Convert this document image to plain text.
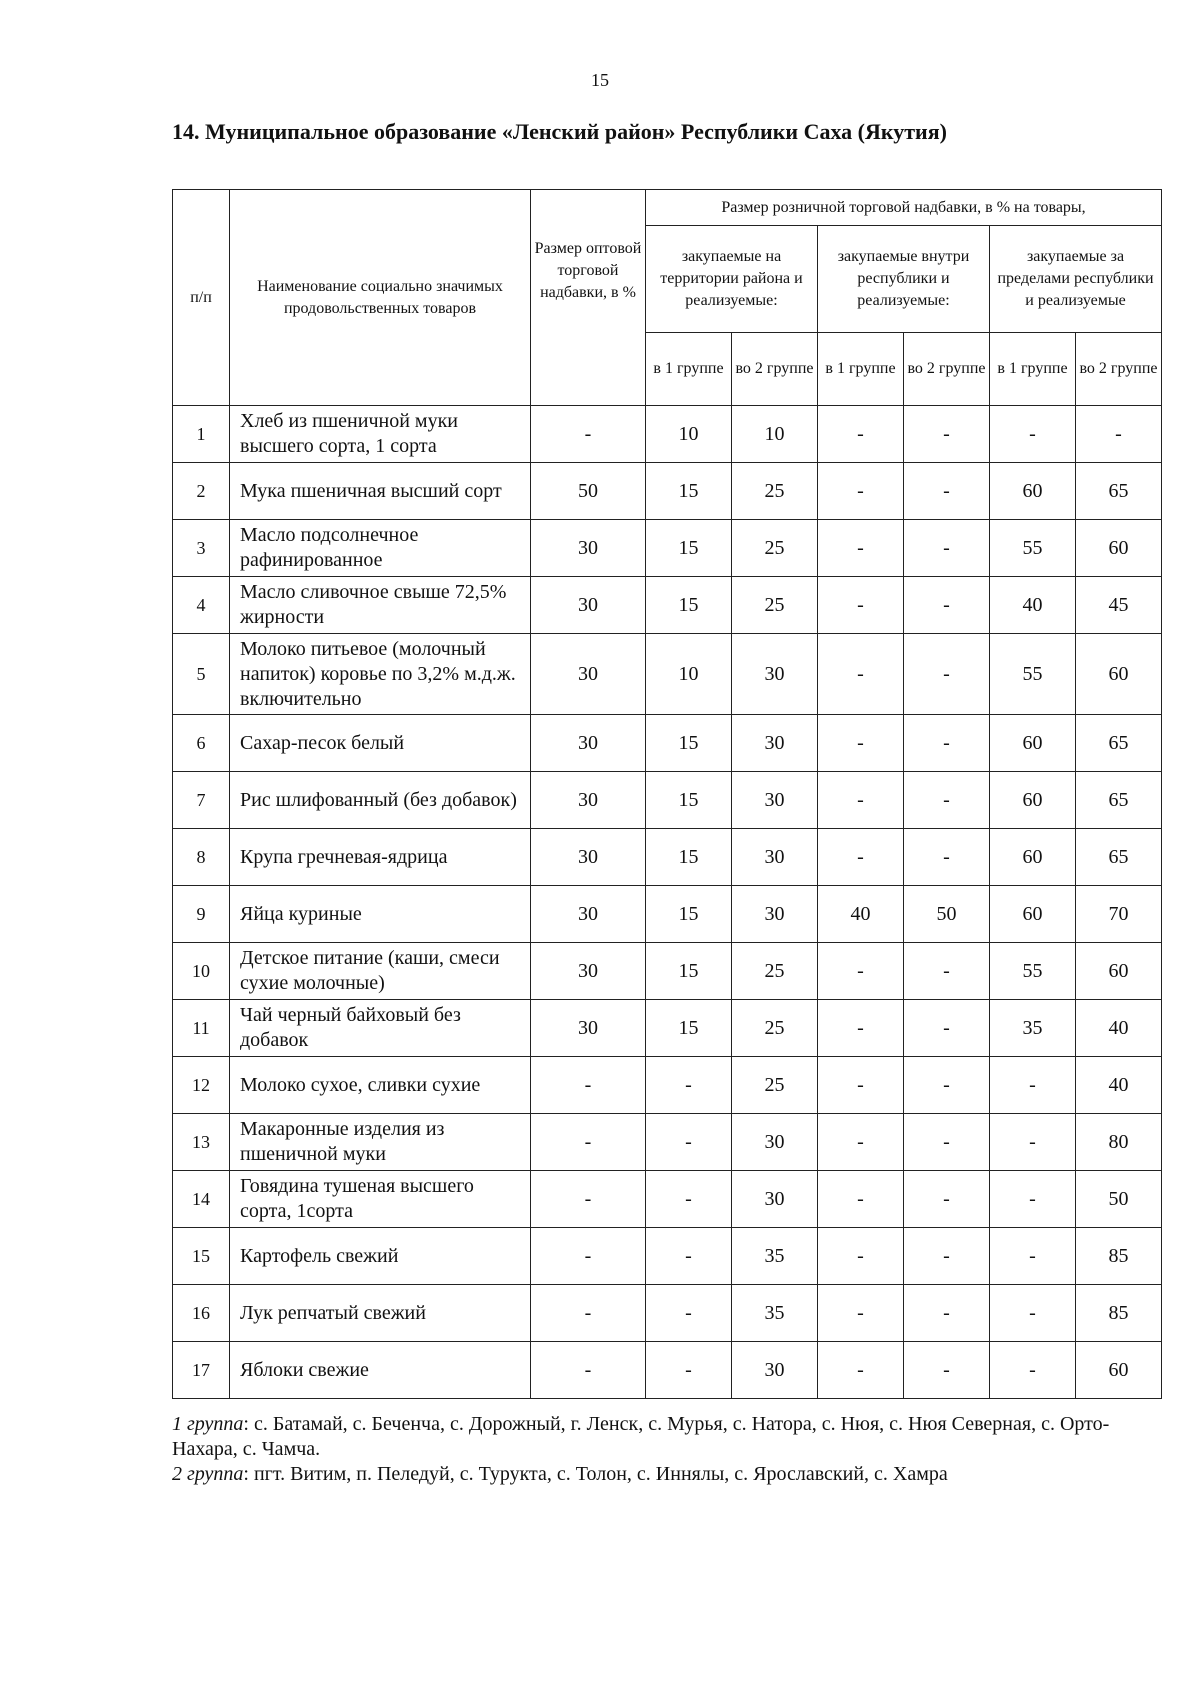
15
14. Муниципальное образование «Ленский район» Республики Саха (Якутия)
п/п	Наименование социально значимых продовольственных товаров	Размер оптовой торговой надбавки, в %	Размер розничной торговой надбавки, в % на товары,					
			закупаемые на территории района и реализуемые:		закупаемые внутри республики и реализуемые:		закупаемые за пределами республики и реализуемые	
			в 1 группе	во 2 группе	в 1 группе	во 2 группе	в 1 группе	во 2 группе
1	Хлеб из пшеничной муки высшего сорта, 1 сорта	-	10	10	-	-	-	-
2	Мука пшеничная высший сорт	50	15	25	-	-	60	65
3	Масло подсолнечное рафинированное	30	15	25	-	-	55	60
4	Масло сливочное свыше 72,5% жирности	30	15	25	-	-	40	45
5	Молоко питьевое (молочный напиток) коровье по 3,2% м.д.ж. включительно	30	10	30	-	-	55	60
6	Сахар-песок белый	30	15	30	-	-	60	65
7	Рис шлифованный (без добавок)	30	15	30	-	-	60	65
8	Крупа гречневая-ядрица	30	15	30	-	-	60	65
9	Яйца куриные	30	15	30	40	50	60	70
10	Детское питание (каши, смеси сухие молочные)	30	15	25	-	-	55	60
11	Чай черный байховый без добавок	30	15	25	-	-	35	40
12	Молоко сухое, сливки сухие	-	-	25	-	-	-	40
13	Макаронные изделия из пшеничной муки	-	-	30	-	-	-	80
14	Говядина тушеная высшего сорта, 1сорта	-	-	30	-	-	-	50
15	Картофель свежий	-	-	35	-	-	-	85
16	Лук репчатый свежий	-	-	35	-	-	-	85
17	Яблоки свежие	-	-	30	-	-	-	60

1 группа: с. Батамай, с. Беченча, с. Дорожный, г. Ленск, с. Мурья, с. Натора, с. Нюя, с. Нюя Северная, с. Орто-Нахара, с. Чамча.

2 группа: пгт. Витим, п. Пеледуй, с. Турукта, с. Толон, с. Иннялы, с. Ярославский, с. Хамра
